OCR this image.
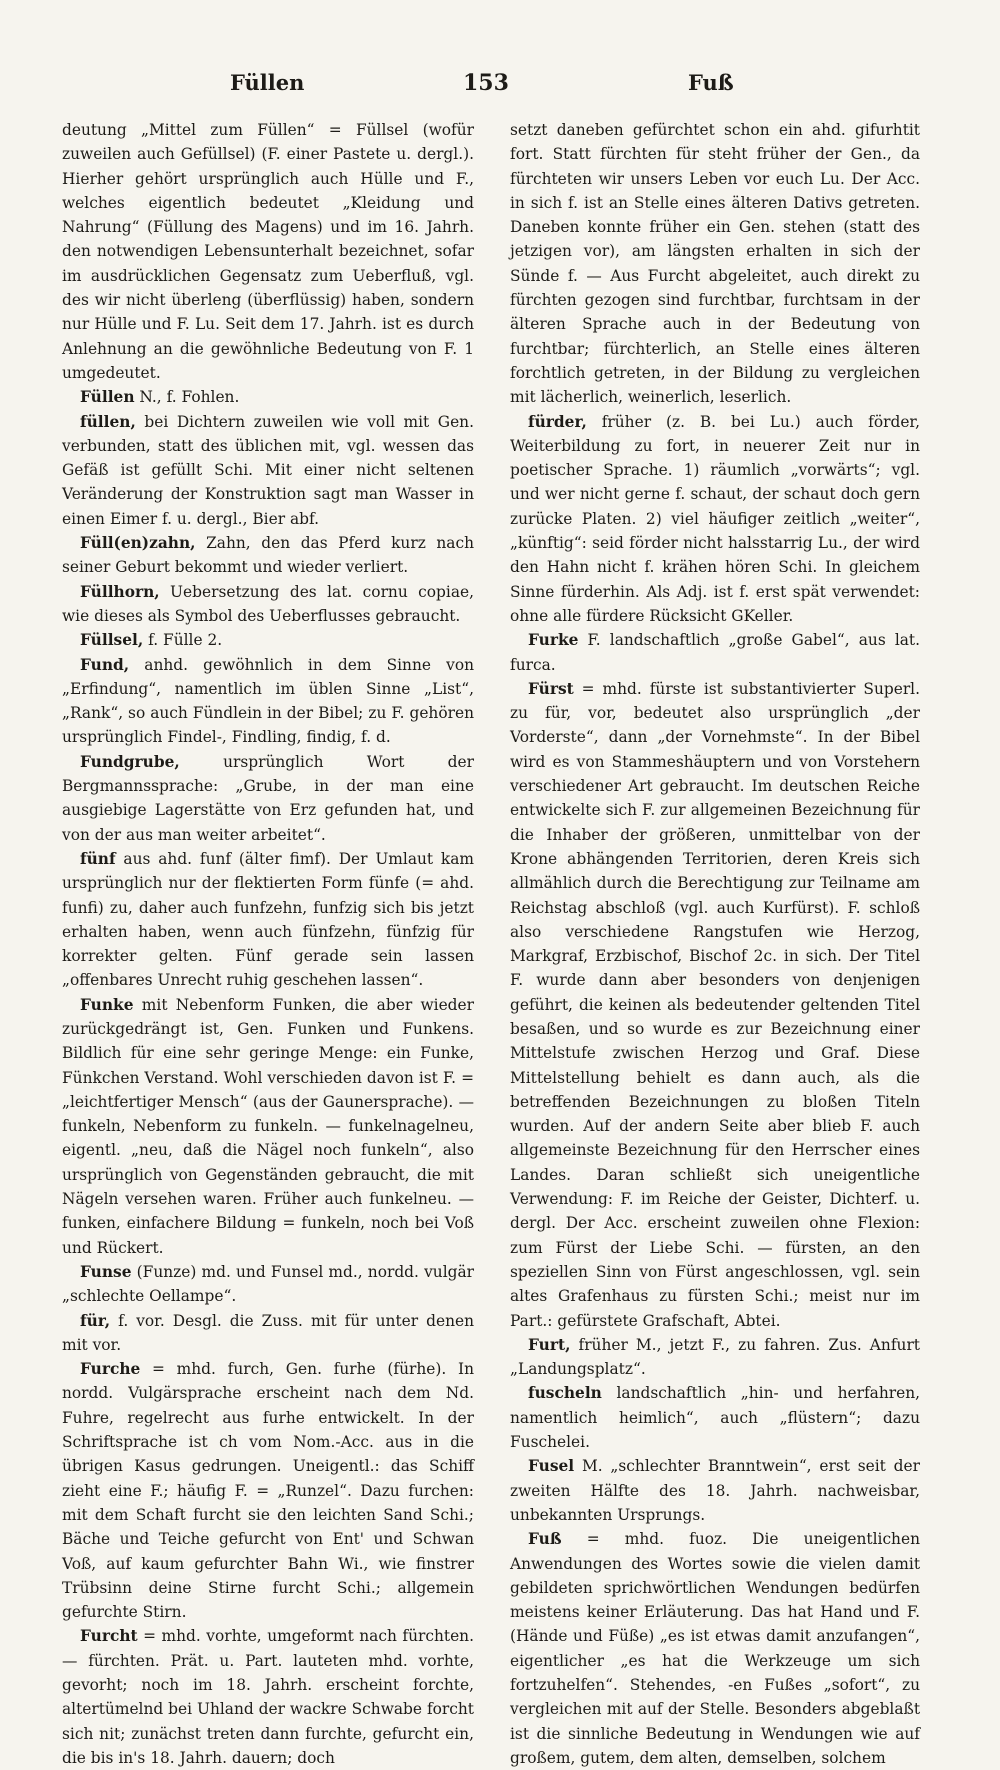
Füllen	153	Fuß

deutung „Mittel zum Füllen“ = Füllsel (wofür zuweilen auch Gefüllsel) (F. einer Pastete u. dergl.). Hierher gehört ursprünglich auch Hülle und F., welches eigentlich bedeutet „Kleidung und Nahrung“ (Füllung des Magens) und im 16. Jahrh. den notwendigen Lebensunterhalt bezeichnet, sofar im ausdrücklichen Gegensatz zum Ueberfluß, vgl. des wir nicht überleng (überflüssig) haben, sondern nur Hülle und F. Lu. Seit dem 17. Jahrh. ist es durch Anlehnung an die gewöhnliche Bedeutung von F. 1 umgedeutet.

Füllen N., f. Fohlen.

füllen, bei Dichtern zuweilen wie voll mit Gen. verbunden, statt des üblichen mit, vgl. wessen das Gefäß ist gefüllt Schi. Mit einer nicht seltenen Veränderung der Konstruktion sagt man Wasser in einen Eimer f. u. dergl., Bier abf.

Füll(en)zahn, Zahn, den das Pferd kurz nach seiner Geburt bekommt und wieder verliert.

Füllhorn, Uebersetzung des lat. cornu copiae, wie dieses als Symbol des Ueberflusses gebraucht.

Füllsel, f. Fülle 2.

Fund, anhd. gewöhnlich in dem Sinne von „Erfindung“, namentlich im üblen Sinne „List“, „Rank“, so auch Fündlein in der Bibel; zu F. gehören ursprünglich Findel-, Findling, findig, f. d.

Fundgrube, ursprünglich Wort der Bergmannssprache: „Grube, in der man eine ausgiebige Lagerstätte von Erz gefunden hat, und von der aus man weiter arbeitet“.

fünf aus ahd. funf (älter fimf). Der Umlaut kam ursprünglich nur der flektierten Form fünfe (= ahd. funfi) zu, daher auch funfzehn, funfzig sich bis jetzt erhalten haben, wenn auch fünfzehn, fünfzig für korrekter gelten. Fünf gerade sein lassen „offenbares Unrecht ruhig geschehen lassen“.

Funke mit Nebenform Funken, die aber wieder zurückgedrängt ist, Gen. Funken und Funkens. Bildlich für eine sehr geringe Menge: ein Funke, Fünkchen Verstand. Wohl verschieden davon ist F. = „leichtfertiger Mensch“ (aus der Gaunersprache). — funkeln, Nebenform zu funkeln. — funkelnagelneu, eigentl. „neu, daß die Nägel noch funkeln“, also ursprünglich von Gegenständen gebraucht, die mit Nägeln versehen waren. Früher auch funkelneu. — funken, einfachere Bildung = funkeln, noch bei Voß und Rückert.

Funse (Funze) md. und Funsel md., nordd. vulgär „schlechte Oellampe“.

für, f. vor. Desgl. die Zuss. mit für unter denen mit vor.

Furche = mhd. furch, Gen. furhe (fürhe). In nordd. Vulgärsprache erscheint nach dem Nd. Fuhre, regelrecht aus furhe entwickelt. In der Schriftsprache ist ch vom Nom.-Acc. aus in die übrigen Kasus gedrungen. Uneigentl.: das Schiff zieht eine F.; häufig F. = „Runzel“. Dazu furchen: mit dem Schaft furcht sie den leichten Sand Schi.; Bäche und Teiche gefurcht von Ent' und Schwan Voß, auf kaum gefurchter Bahn Wi., wie finstrer Trübsinn deine Stirne furcht Schi.; allgemein gefurchte Stirn.

Furcht = mhd. vorhte, umgeformt nach fürchten. — fürchten. Prät. u. Part. lauteten mhd. vorhte, gevorht; noch im 18. Jahrh. erscheint forchte, altertümelnd bei Uhland der wackre Schwabe forcht sich nit; zunächst treten dann furchte, gefurcht ein, die bis in's 18. Jahrh. dauern; doch

setzt daneben gefürchtet schon ein ahd. gifurhtit fort. Statt fürchten für steht früher der Gen., da fürchteten wir unsers Leben vor euch Lu. Der Acc. in sich f. ist an Stelle eines älteren Dativs getreten. Daneben konnte früher ein Gen. stehen (statt des jetzigen vor), am längsten erhalten in sich der Sünde f. — Aus Furcht abgeleitet, auch direkt zu fürchten gezogen sind furchtbar, furchtsam in der älteren Sprache auch in der Bedeutung von furchtbar; fürchterlich, an Stelle eines älteren forchtlich getreten, in der Bildung zu vergleichen mit lächerlich, weinerlich, leserlich.

fürder, früher (z. B. bei Lu.) auch förder, Weiterbildung zu fort, in neuerer Zeit nur in poetischer Sprache. 1) räumlich „vorwärts“; vgl. und wer nicht gerne f. schaut, der schaut doch gern zurücke Platen. 2) viel häufiger zeitlich „weiter“, „künftig“: seid förder nicht halsstarrig Lu., der wird den Hahn nicht f. krähen hören Schi. In gleichem Sinne fürderhin. Als Adj. ist f. erst spät verwendet: ohne alle fürdere Rücksicht GKeller.

Furke F. landschaftlich „große Gabel“, aus lat. furca.

Fürst = mhd. fürste ist substantivierter Superl. zu für, vor, bedeutet also ursprünglich „der Vorderste“, dann „der Vornehmste“. In der Bibel wird es von Stammeshäuptern und von Vorstehern verschiedener Art gebraucht. Im deutschen Reiche entwickelte sich F. zur allgemeinen Bezeichnung für die Inhaber der größeren, unmittelbar von der Krone abhängenden Territorien, deren Kreis sich allmählich durch die Berechtigung zur Teilname am Reichstag abschloß (vgl. auch Kurfürst). F. schloß also verschiedene Rangstufen wie Herzog, Markgraf, Erzbischof, Bischof 2c. in sich. Der Titel F. wurde dann aber besonders von denjenigen geführt, die keinen als bedeutender geltenden Titel besaßen, und so wurde es zur Bezeichnung einer Mittelstufe zwischen Herzog und Graf. Diese Mittelstellung behielt es dann auch, als die betreffenden Bezeichnungen zu bloßen Titeln wurden. Auf der andern Seite aber blieb F. auch allgemeinste Bezeichnung für den Herrscher eines Landes. Daran schließt sich uneigentliche Verwendung: F. im Reiche der Geister, Dichterf. u. dergl. Der Acc. erscheint zuweilen ohne Flexion: zum Fürst der Liebe Schi. — fürsten, an den speziellen Sinn von Fürst angeschlossen, vgl. sein altes Grafenhaus zu fürsten Schi.; meist nur im Part.: gefürstete Grafschaft, Abtei.

Furt, früher M., jetzt F., zu fahren. Zus. Anfurt „Landungsplatz“.

fuscheln landschaftlich „hin- und herfahren, namentlich heimlich“, auch „flüstern“; dazu Fuschelei.

Fusel M. „schlechter Branntwein“, erst seit der zweiten Hälfte des 18. Jahrh. nachweisbar, unbekannten Ursprungs.

Fuß = mhd. fuoz. Die uneigentlichen Anwendungen des Wortes sowie die vielen damit gebildeten sprichwörtlichen Wendungen bedürfen meistens keiner Erläuterung. Das hat Hand und F. (Hände und Füße) „es ist etwas damit anzufangen“, eigentlicher „es hat die Werkzeuge um sich fortzuhelfen“. Stehendes, -en Fußes „sofort“, zu vergleichen mit auf der Stelle. Besonders abgeblaßt ist die sinnliche Bedeutung in Wendungen wie auf großem, gutem, dem alten, demselben, solchem
